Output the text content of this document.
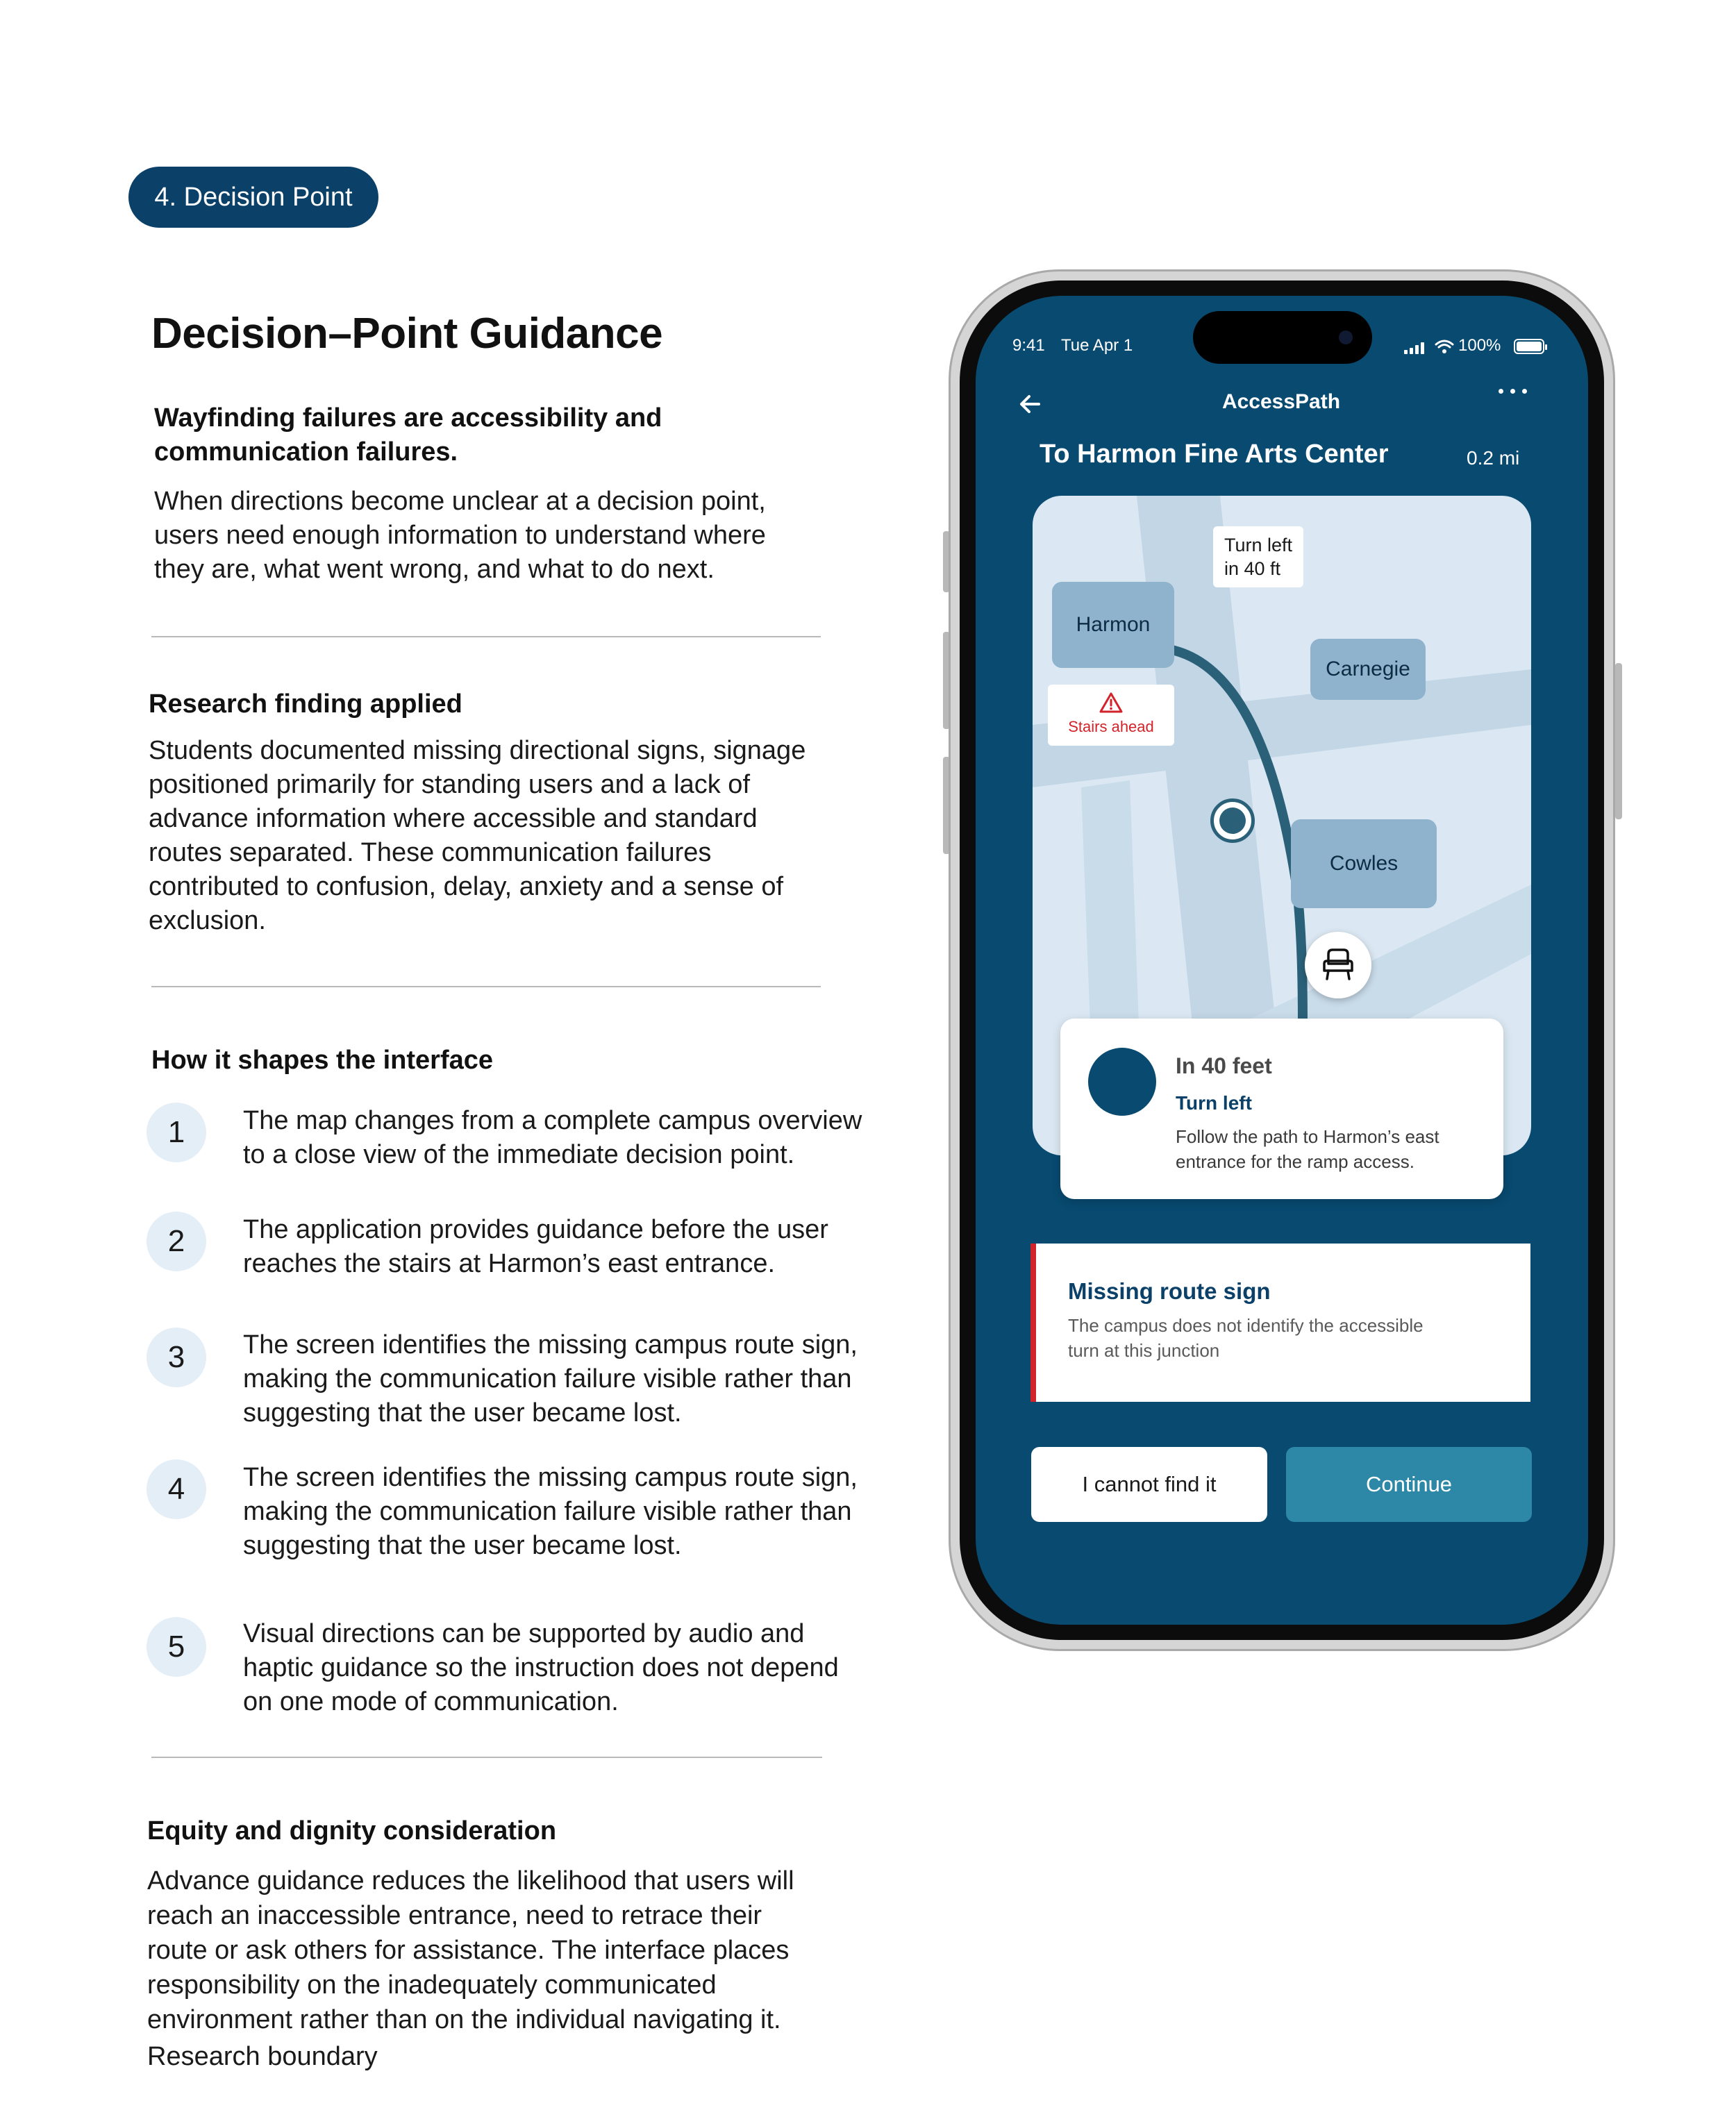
4. Decision Point
Decision–Point Guidance
Wayfinding failures are accessibility and
communication failures.
When directions become unclear at a decision point,
users need enough information to understand where
they are, what went wrong, and what to do next.
Research finding applied
Students documented missing directional signs, signage
positioned primarily for standing users and a lack of
advance information where accessible and standard
routes separated. These communication failures
contributed to confusion, delay, anxiety and a sense of
exclusion.
How it shapes the interface
1	The map changes from a complete campus overview
to a close view of the immediate decision point.
2	The application provides guidance before the user
reaches the stairs at Harmon’s east entrance.
3	The screen identifies the missing campus route sign,
making the communication failure visible rather than
suggesting that the user became lost.
4	The screen identifies the missing campus route sign,
making the communication failure visible rather than
suggesting that the user became lost.
5	Visual directions can be supported by audio and
haptic guidance so the instruction does not depend
on one mode of communication.
Equity and dignity consideration
Advance guidance reduces the likelihood that users will
reach an inaccessible entrance, need to retrace their
route or ask others for assistance. The interface places
responsibility on the inadequately communicated
environment rather than on the individual navigating it.
Research boundary
9:41 Tue Apr 1	100%
AccessPath
To Harmon Fine Arts Center	0.2 mi
Harmon
Carnegie
Cowles
Turn left
in 40 ft
Stairs ahead
In 40 feet
Turn left
Follow the path to Harmon’s east
entrance for the ramp access.
Missing route sign
The campus does not identify the accessible
turn at this junction
I cannot find it	Continue
